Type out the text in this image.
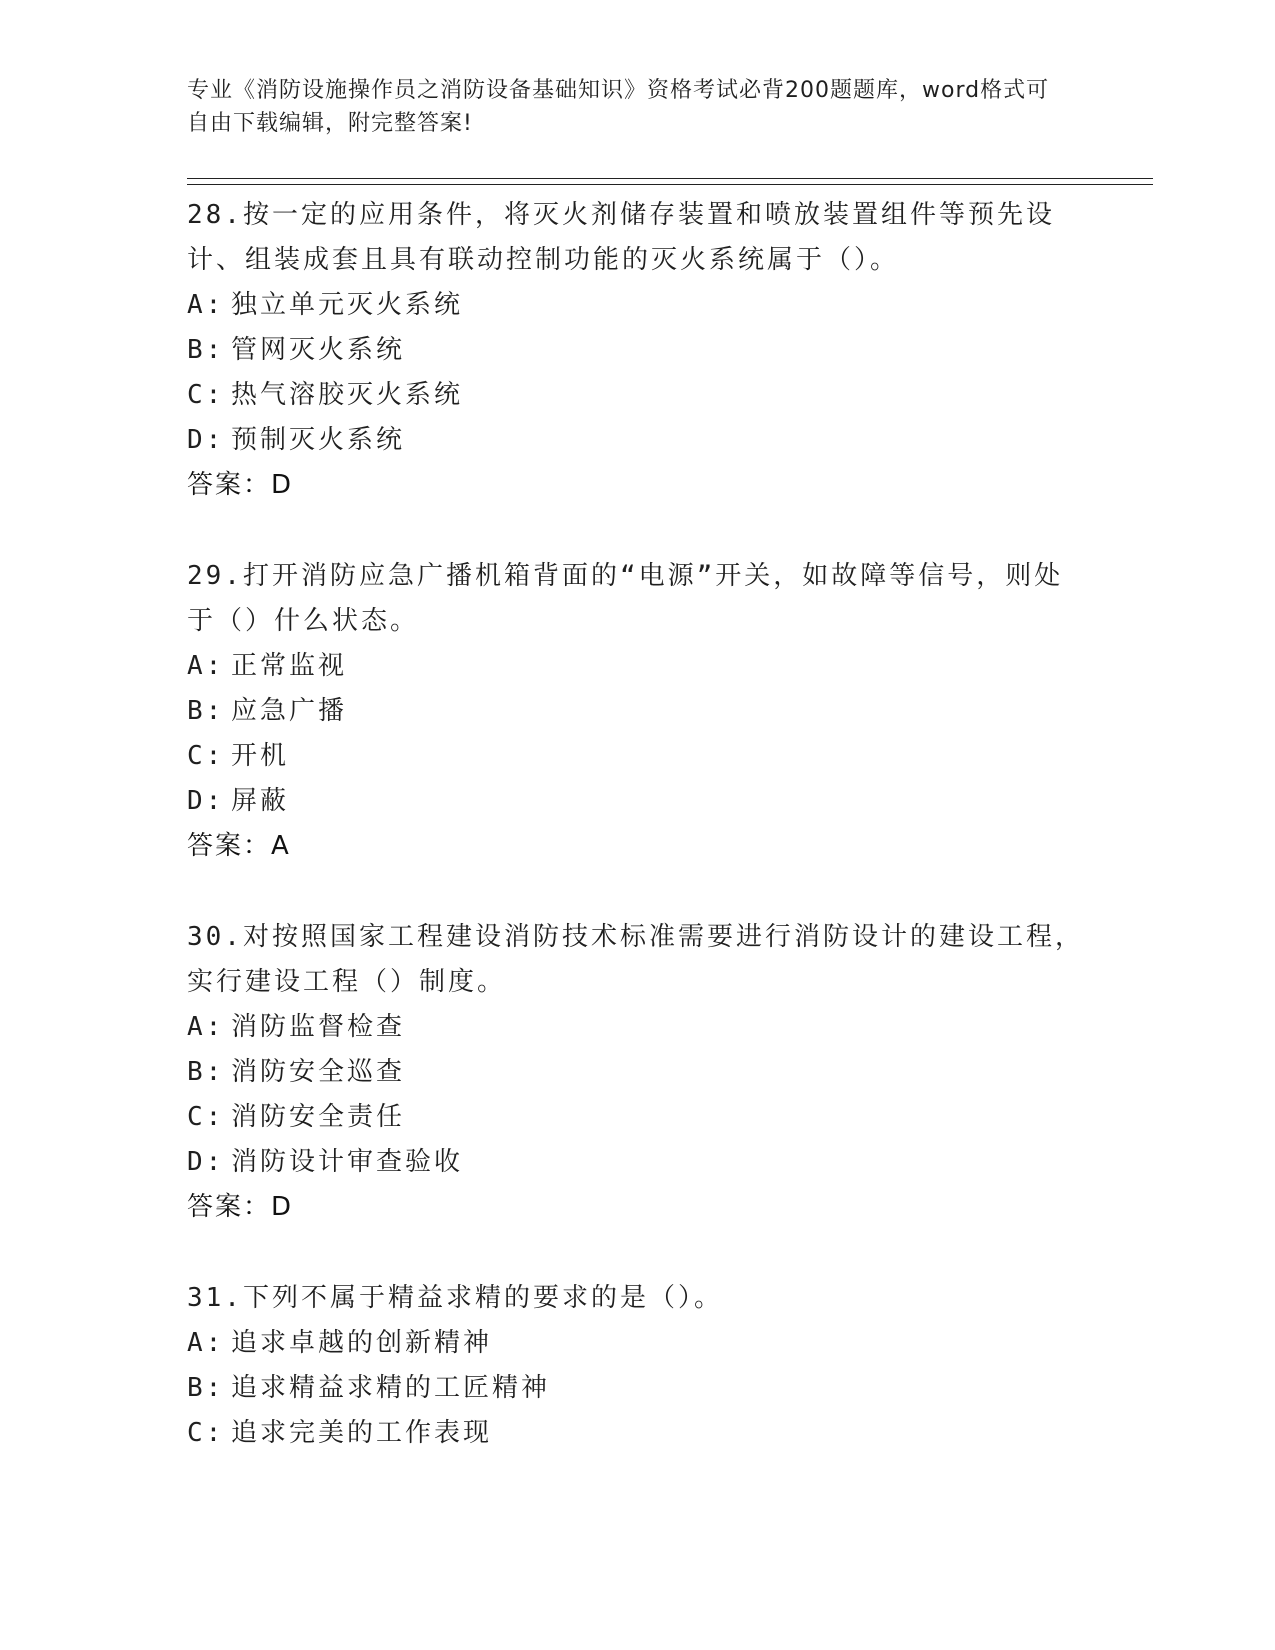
专业《消防设施操作员之消防设备基础知识》资格考试必背200题题库，word格式可自由下载编辑，附完整答案!
28.按一定的应用条件，将灭火剂储存装置和喷放装置组件等预先设计、组装成套且具有联动控制功能的灭火系统属于（）。
A: 独立单元灭火系统
B: 管网灭火系统
C: 热气溶胶灭火系统
D: 预制灭火系统
答案：D
29.打开消防应急广播机箱背面的“电源”开关，如故障等信号，则处于（）什么状态。
A: 正常监视
B: 应急广播
C: 开机
D: 屏蔽
答案：A
30.对按照国家工程建设消防技术标准需要进行消防设计的建设工程，实行建设工程（）制度。
A: 消防监督检查
B: 消防安全巡查
C: 消防安全责任
D: 消防设计审查验收
答案：D
31.下列不属于精益求精的要求的是（）。
A: 追求卓越的创新精神
B: 追求精益求精的工匠精神
C: 追求完美的工作表现
